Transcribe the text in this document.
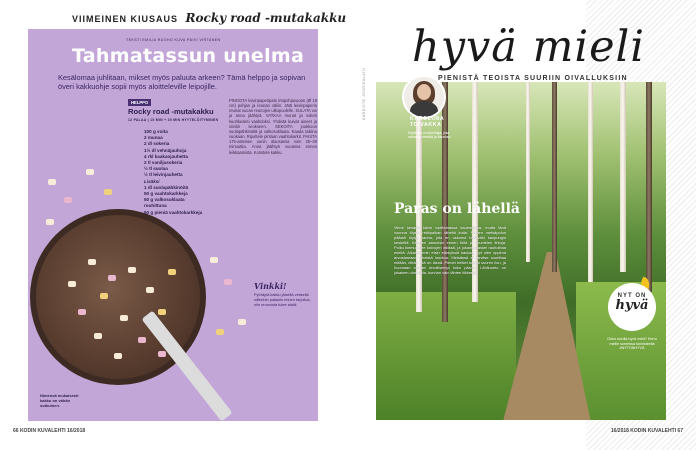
VIIMEINEN KIUSAUS Rocky road -mutakakku
TEKSTI EMILIA RUOHO KUVA PÄIVI VIRTANEN
Tahmatassun unelma
Kesälomaa juhlitaan, mikset myös paluuta arkeen? Tämä helppo ja sopivan överi kakkuohje sopii myös aloitteleville leipojille.
HELPPO
Rocky road -mutakakku
12 PALAA | 15 MIN + 30 MIN HYYTELÖITYMINEN
100 g voita
2 munaa
2 dl sokeria
1½ dl vehnäjauhoja
4 rkl kaakaojauhetta
2 tl vaniljasokeria
½ tl suolaa
½ tl leivinjauhetta
Lisäksi
1 dl suolapähkinöitä
50 g vaahtokarkkeja
50 g valkosuklaata
rouhittuna
50 g pieniä vaahtokarkkeja
PINGOTA leivinpaperipala irtopohjavuoan (Ø 18 cm) pohjan ja reunan väliin. Jätä leivinpaperin reunat vuoan reunojen ulkopuolelle. SULATA voi ja anna jäähtyä. VATKAA munat ja sokeri kuohkeaksi vaahdoksi. Yhdistä kuivat aineet ja siivilöi seokseen. SEKOITA joukkoon suolapähkinöitä ja valkosuklaata. Kaada taikina vuokaan. Ripottele pintaan vaahtokarkit. PAISTA 175-asteisen uunin alaosassa noin 25–30 minuuttia. Anna jäähtyä vuoassa ennen leikkaamista. Koristele kakku.
Vinkki!
Pyöräytä kakku jäisellä veitsellä nätteihin palasiin ennen tarjoilua, niin reunoista tulee siistit.
Nimensä mukaisesti kakku on vähän sotkuinen.
66 KODIN KUVALEHTI 16/2018
hyvä mieli
PIENISTÄ TEOISTA SUURIIN OIVALLUKSIIN
KARDISTE JOURIKALATU	KAROLIINA TOIVAKKA
Kirjoittaja on toimittaja, joka rakastaa metsää ja liikuntaa.
Paras on lähellä
Viime kesänä kävin vaeltamassa kauempana, mutta tänä vuonna löysin retkipaikan läheltä kotia. Pienen metsäpolun päästä löytyy rauha, jota en uskonut löytäväni kaupungin keskeltä. Kävelen aamuisin ennen töitä ja kuuntelen lintuja. Polku kiemurtelee koivujen välissä, ja jokainen askel rauhoittaa mieltä. Aikaisemmin etsin elämyksiä kaukaa, nyt olen oppinut arvostamaan läheistä luontoa. Metsässä ei tarvitse suorittaa mitään, riittää että on läsnä. Pienet hetket tuovat suuren ilon, ja huomaan olevani levollisempi koko päivän. Lähiluonto on jokaisen ulottuvilla, kunhan vain lähtee liikkeelle.
NYT ON
hyvä
Onko sinulla hyvä mieli? Kerro meille somessa tunnisteella #NYTONHYVÄ
16/2018 KODIN KUVALEHTI 67
